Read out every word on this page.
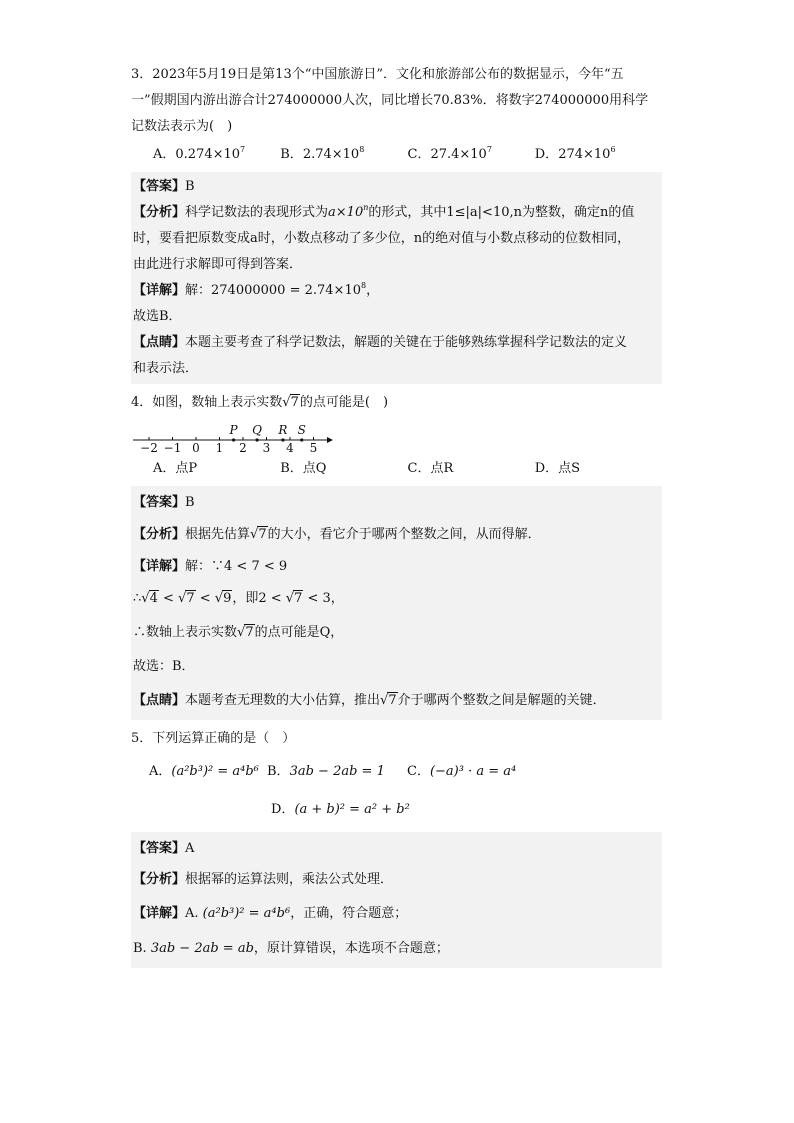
3．2023年5月19日是第13个“中国旅游日”．文化和旅游部公布的数据显示，今年“五

一”假期国内游出游合计274000000人次，同比增长70.83%．将数字274000000用科学

记数法表示为(　)

A．$0.274\times 10^7$	B．$2.74\times 10^8$	C．$27.4\times 10^7$	D．$274\times 10^6$

【答案】B

【分析】科学记数法的表现形式为$a\times 10^n$的形式，其中1≤|a|<10,n为整数，确定n的值

时，要看把原数变成a时，小数点移动了多少位，n的绝对值与小数点移动的位数相同，

由此进行求解即可得到答案．

【详解】解：$274000000 = 2.74\times 10^8$，

故选B．

【点睛】本题主要考查了科学记数法，解题的关键在于能够熟练掌握科学记数法的定义

和表示法．

4．如图，数轴上表示实数√7的点可能是(　)

−2 −1 0 1 2 3 4 5
P Q R S
A．点P	B．点Q	C．点R	D．点S

【答案】B

【分析】根据先估算√7的大小，看它介于哪两个整数之间，从而得解．

【详解】解：∵4 < 7 < 9

∴√4 < √7 < √9，即2 < √7 < 3，

∴数轴上表示实数√7的点可能是Q，

故选：B．

【点睛】本题考查无理数的大小估算，推出√7介于哪两个整数之间是解题的关键．

5．下列运算正确的是（　）

A．(a²b³)² = a⁴b⁶ B．3ab − 2ab = 1	C．(−a)³ · a = a⁴
D．(a + b)² = a² + b²

【答案】A

【分析】根据幂的运算法则，乘法公式处理．

【详解】A. (a²b³)² = a⁴b⁶，正确，符合题意；

B. 3ab − 2ab = ab，原计算错误，本选项不合题意；
